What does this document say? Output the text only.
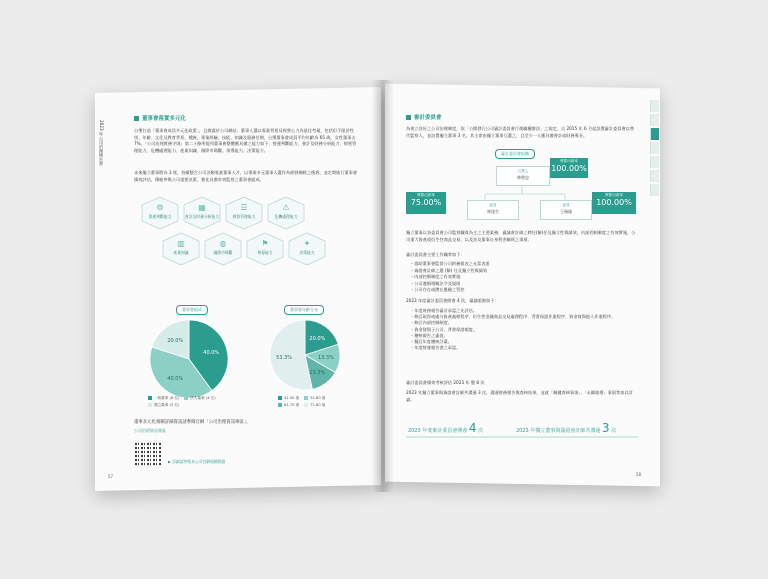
2023 年公司治理報告書
董事會落實多元化
台塑打造「董事會成員多元化政策」，且揭露於公司網站。董事人選以專業背景及經營心力為最佳考量，包括但不限於性別、年齡、文化及教育背景、種族、專業經驗、技能、知識及服務任期，台塑董事會成員平均年齡為 65 歲，女性董事占 7%，「公司治理實務守則」第二十條所提列董事會整體應具備之能力如下：營運判斷能力、會計及財務分析能力、經營管理能力、危機處理能力、產業知識、國際市場觀、領導能力、決策能力。
未來獨立董事將為 3 席，持續整合公司各類專業董事人才，以專業多元董事人選作為經營團隊之後盾，並定期進行董事會績效評估，積極參與公司重要決策，強化具備有效監督之董事會組成。
⚙
營運判斷能力
▦
會計及財務分析能力
☰
經營管理能力
⚠
危機處理能力
▥
產業知識
◍
國際市場觀
⚑
領導能力
✦
決策能力
董事會組成	董事會年齡分布
40.0%
40.0%
20.0%	20.0%
13.3%
13.3%
53.3%
一般董事 (8 位)	法人董事 (4 位)獨立董事 (3 位)
41-50 歲	51-60 歲61-70 歲	71-80 歲
董事多元化相關詳細資訊請參閱官網「公司治理資訊專區」。
公司治理資訊專區
▶ 詳細請參閱本公司官網相關揭露
57
審計委員會
為建立良好之公司治理制度，依「公開發行公司審計委員會行使職權辦法」之規定，自 2015 年 6 月起設置審計委員會以替代監察人，並設置獨立董事 3 名，其主席由獨立董事互選之，且至少一人應具備會計或財務專長。
審計委員會組織
召集人
林聖忠
實際出席率
100.00%
委員
林達生
實際出席率
75.00%	委員
王瑞瑜
實際出席率
100.00%
獨立董事以各委員會公司監督職責為主之主要業務，審議會計師之聘任(解)任及獨立性與績效，內部控制制度之有效實施，公司重大資產或衍生性商品交易，以及涉及董事自身利害關係之事項。
審計委員會主要工作職掌如下：
・協助董事會監督公司財務報表之允當表達
・簽證會計師之選 (解) 任及獨立性與績效
・內部控制制度之有效實施
・公司遵循相關法令及規則
・公司存在或潛在風險之管控
2023 年度審計委員會開會 4 次，審議重點如下：
・年度財務報告審計承認之先評估。
・修訂取得或處分資產處理程序、衍生性金融商品交易處理程序、背書保證作業程序、資金貸與他人作業程序。
・修訂內部控制制度。
・資金貸與子公司、背書保證額度。
・稽核報告之審查。
・擬訂年度稽核計畫。
・年度營運報告書之承認。
審計委員會績效考核評估 2023 年 整 8 次
2023 年獨立董事與簽證會計師共溝通 3 次，溝通財務報告與查核結果，並就「關鍵查核事項」、「永續報導」事項等加以討論。
2023 年度審計委員會開會 4 次	2023 年獨立董事與簽證會計師共溝通 3 次
58
